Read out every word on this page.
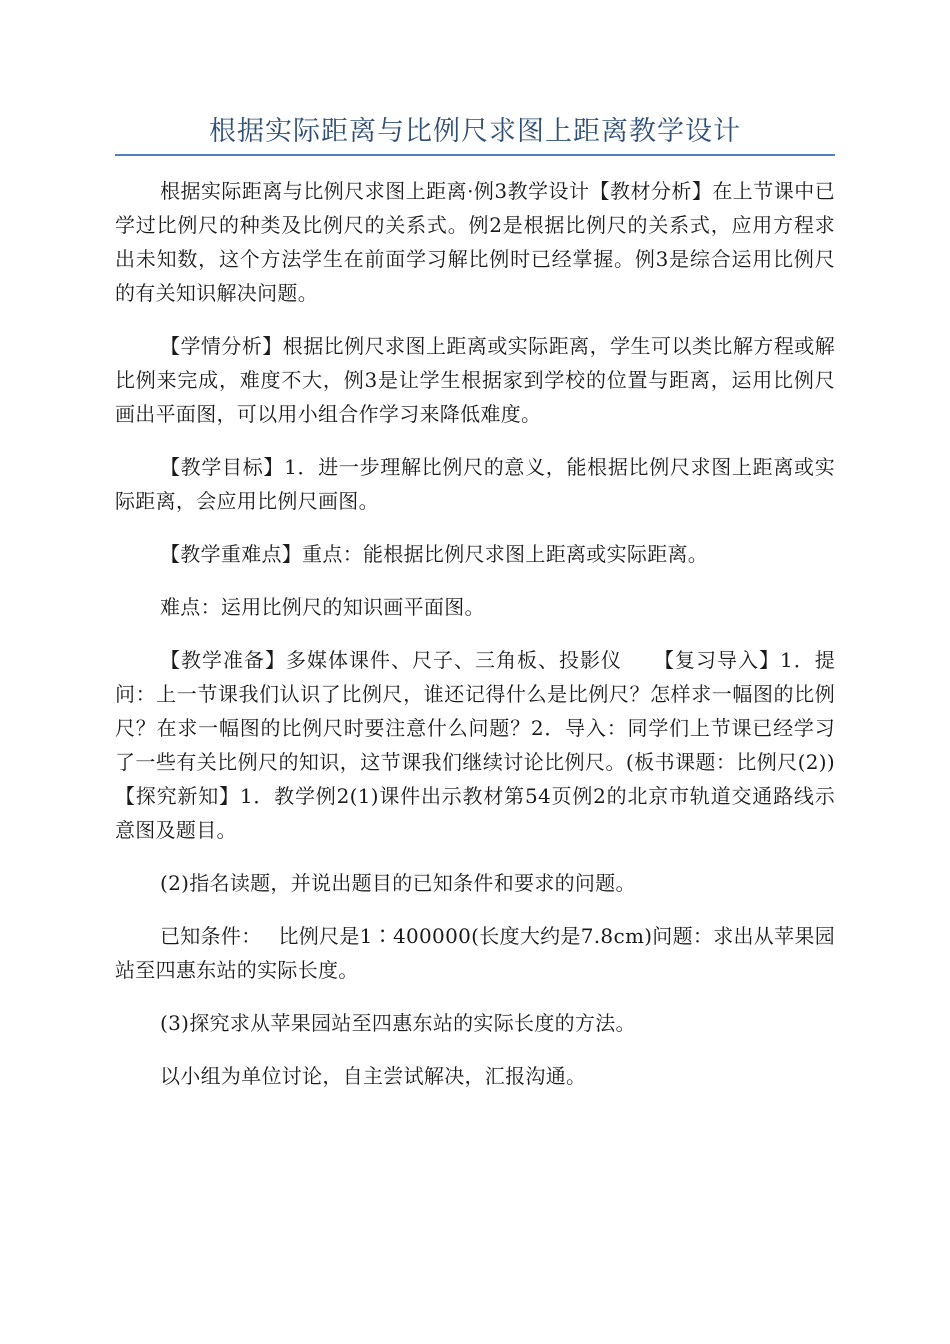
根据实际距离与比例尺求图上距离教学设计

根据实际距离与比例尺求图上距离·例3教学设计【教材分析】在上节课中已学过比例尺的种类及比例尺的关系式。例2是根据比例尺的关系式，应用方程求出未知数，这个方法学生在前面学习解比例时已经掌握。例3是综合运用比例尺的有关知识解决问题。

【学情分析】根据比例尺求图上距离或实际距离，学生可以类比解方程或解比例来完成，难度不大，例3是让学生根据家到学校的位置与距离，运用比例尺画出平面图，可以用小组合作学习来降低难度。

【教学目标】1．进一步理解比例尺的意义，能根据比例尺求图上距离或实际距离，会应用比例尺画图。

【教学重难点】重点：能根据比例尺求图上距离或实际距离。

难点：运用比例尺的知识画平面图。

【教学准备】多媒体课件、尺子、三角板、投影仪　　【复习导入】1．提问：上一节课我们认识了比例尺，谁还记得什么是比例尺？怎样求一幅图的比例尺？在求一幅图的比例尺时要注意什么问题？2．导入：同学们上节课已经学习了一些有关比例尺的知识，这节课我们继续讨论比例尺。(板书课题：比例尺(2))【探究新知】1．教学例2(1)课件出示教材第54页例2的北京市轨道交通路线示意图及题目。

(2)指名读题，并说出题目的已知条件和要求的问题。

已知条件：　 比例尺是1∶400000(长度大约是7.8cm)问题：求出从苹果园站至四惠东站的实际长度。

(3)探究求从苹果园站至四惠东站的实际长度的方法。

以小组为单位讨论，自主尝试解决，汇报沟通。
